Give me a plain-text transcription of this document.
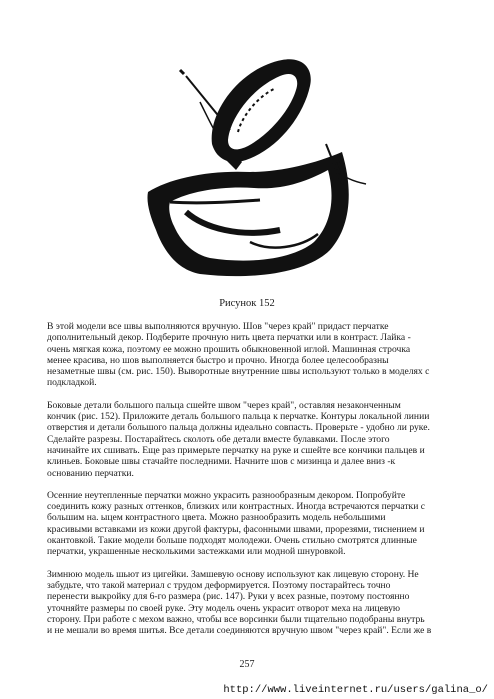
Рисунок 152

В этой модели все швы выполняются вручную. Шов "через край" придаст перчатке
дополнительный декор. Подберите прочную нить цвета перчатки или в контраст. Лайка -
очень мягкая кожа, поэтому ее можно прошить обыкновенной иглой. Машинная строчка
менее красива, но шов выполняется быстро и прочно. Иногда более целесообразны
незаметные швы (см. рис. 150). Выворотные внутренние швы используют только в моделях с
подкладкой.

Боковые детали большого пальца сшейте швом "через край", оставляя незаконченным
кончик (рис. 152). Приложите деталь большого пальца к перчатке. Контуры локальной линии
отверстия и детали большого пальца должны идеально совпасть. Проверьте - удобно ли руке.
Сделайте разрезы. Постарайтесь сколоть обе детали вместе булавками. После этого
начинайте их сшивать. Еще раз примерьте перчатку на руке и сшейте все кончики пальцев и
клиньев. Боковые швы стачайте последними. Начните шов с мизинца и далее вниз -к
основанию перчатки.

Осенние неутепленные перчатки можно украсить разнообразным декором. Попробуйте
соединить кожу разных оттенков, близких или контрастных. Иногда встречаются перчатки с
большим на. ыцем контрастного цвета. Можно разнообразить модель небольшими
красивыми вставками из кожи другой фактуры, фасонными швами, прорезями, тиснением и
окантовкой. Такие модели больше подходят молодежи. Очень стильно смотрятся длинные
перчатки, украшенные несколькими застежками или модной шнуровкой.

Зимнюю модель шьют из цигейки. Замшевую основу используют как лицевую сторону. Не
забудьте, что такой материал с трудом деформируется. Поэтому постарайтесь точно
перенести выкройку для 6-го размера (рис. 147). Руки у всех разные, поэтому постоянно
уточняйте размеры по своей руке. Эту модель очень украсит отворот меха на лицевую
сторону. При работе с мехом важно, чтобы все ворсинки были тщательно подобраны внутрь
и не мешали во время шитья. Все детали соединяются вручную швом "через край". Если же в

257
http://www.liveinternet.ru/users/galina_o/
